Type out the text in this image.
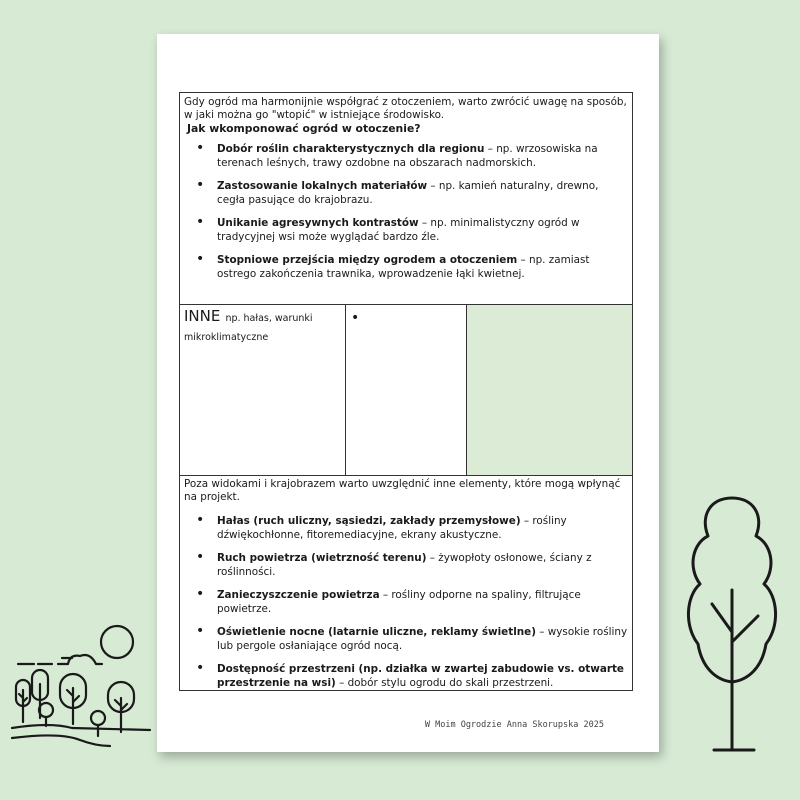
Gdy ogród ma harmonijnie współgrać z otoczeniem, warto zwrócić uwagę na sposób, w jaki można go "wtopić" w istniejące środowisko.

Jak wkomponować ogród w otoczenie?
• Dobór roślin charakterystycznych dla regionu – np. wrzosowiska na terenach leśnych, trawy ozdobne na obszarach nadmorskich.
• Zastosowanie lokalnych materiałów – np. kamień naturalny, drewno, cegła pasujące do krajobrazu.
• Unikanie agresywnych kontrastów – np. minimalistyczny ogród w tradycyjnej wsi może wyglądać bardzo źle.
• Stopniowe przejścia między ogrodem a otoczeniem – np. zamiast ostrego zakończenia trawnika, wprowadzenie łąki kwietnej.
INNE np. hałas, warunki mikroklimatyczne
•

Poza widokami i krajobrazem warto uwzględnić inne elementy, które mogą wpłynąć na projekt.

• Hałas (ruch uliczny, sąsiedzi, zakłady przemysłowe) – rośliny dźwiękochłonne, fitoremediacyjne, ekrany akustyczne.
• Ruch powietrza (wietrzność terenu) – żywopłoty osłonowe, ściany z roślinności.
• Zanieczyszczenie powietrza – rośliny odporne na spaliny, filtrujące powietrze.
• Oświetlenie nocne (latarnie uliczne, reklamy świetlne) – wysokie rośliny lub pergole osłaniające ogród nocą.
• Dostępność przestrzeni (np. działka w zwartej zabudowie vs. otwarte przestrzenie na wsi) – dobór stylu ogrodu do skali przestrzeni.
W Moim Ogrodzie Anna Skorupska 2025
